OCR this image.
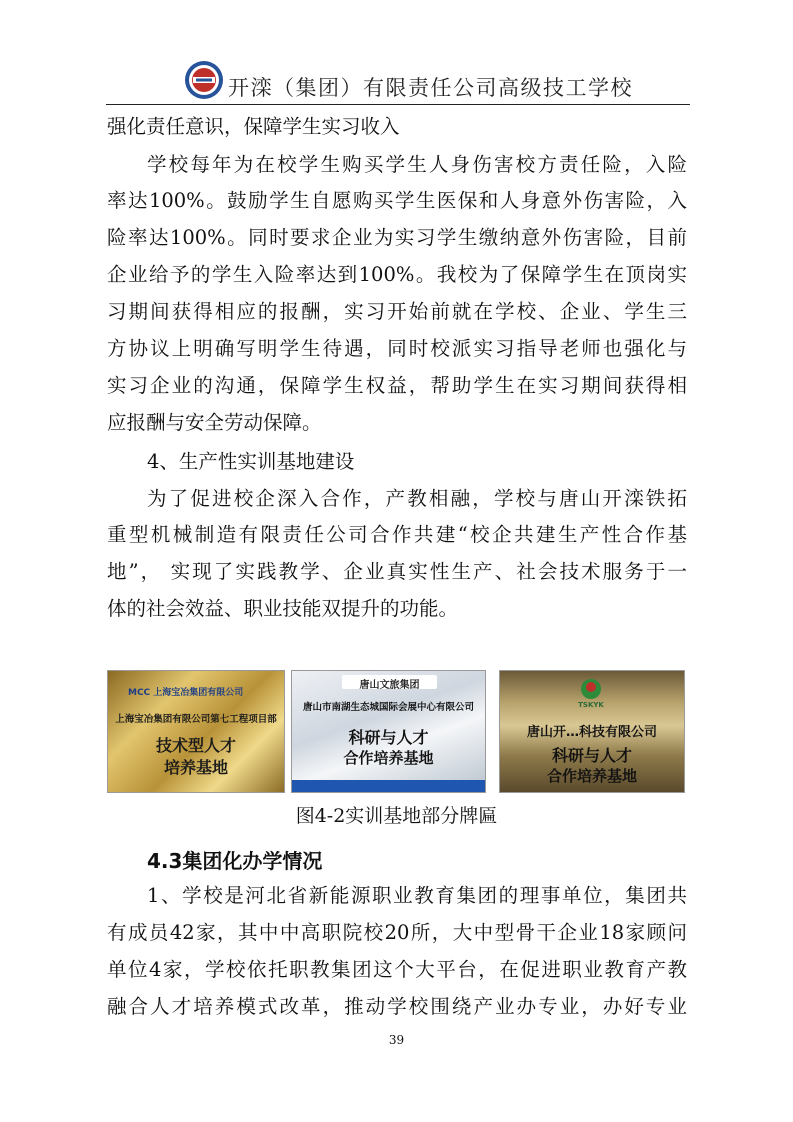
开滦（集团）有限责任公司高级技工学校
强化责任意识，保障学生实习收入
学校每年为在校学生购买学生人身伤害校方责任险，入险
率达100%。鼓励学生自愿购买学生医保和人身意外伤害险，入
险率达100%。同时要求企业为实习学生缴纳意外伤害险，目前
企业给予的学生入险率达到100%。我校为了保障学生在顶岗实
习期间获得相应的报酬，实习开始前就在学校、企业、学生三
方协议上明确写明学生待遇，同时校派实习指导老师也强化与
实习企业的沟通，保障学生权益，帮助学生在实习期间获得相
应报酬与安全劳动保障。
4、生产性实训基地建设
为了促进校企深入合作，产教相融，学校与唐山开滦铁拓
重型机械制造有限责任公司合作共建“校企共建生产性合作基
地”， 实现了实践教学、企业真实性生产、社会技术服务于一
体的社会效益、职业技能双提升的功能。
MCC 上海宝冶集团有限公司
上海宝冶集团有限公司第七工程项目部
技术型人才
培养基地
唐山文旅集团
唐山市南湖生态城国际会展中心有限公司
科研与人才
合作培养基地
TSKYK
唐山开…科技有限公司
科研与人才
合作培养基地
图4-2实训基地部分牌匾
4.3集团化办学情况
1、学校是河北省新能源职业教育集团的理事单位，集团共
有成员42家，其中中高职院校20所，大中型骨干企业18家顾问
单位4家，学校依托职教集团这个大平台，在促进职业教育产教
融合人才培养模式改革，推动学校围绕产业办专业，办好专业
39
